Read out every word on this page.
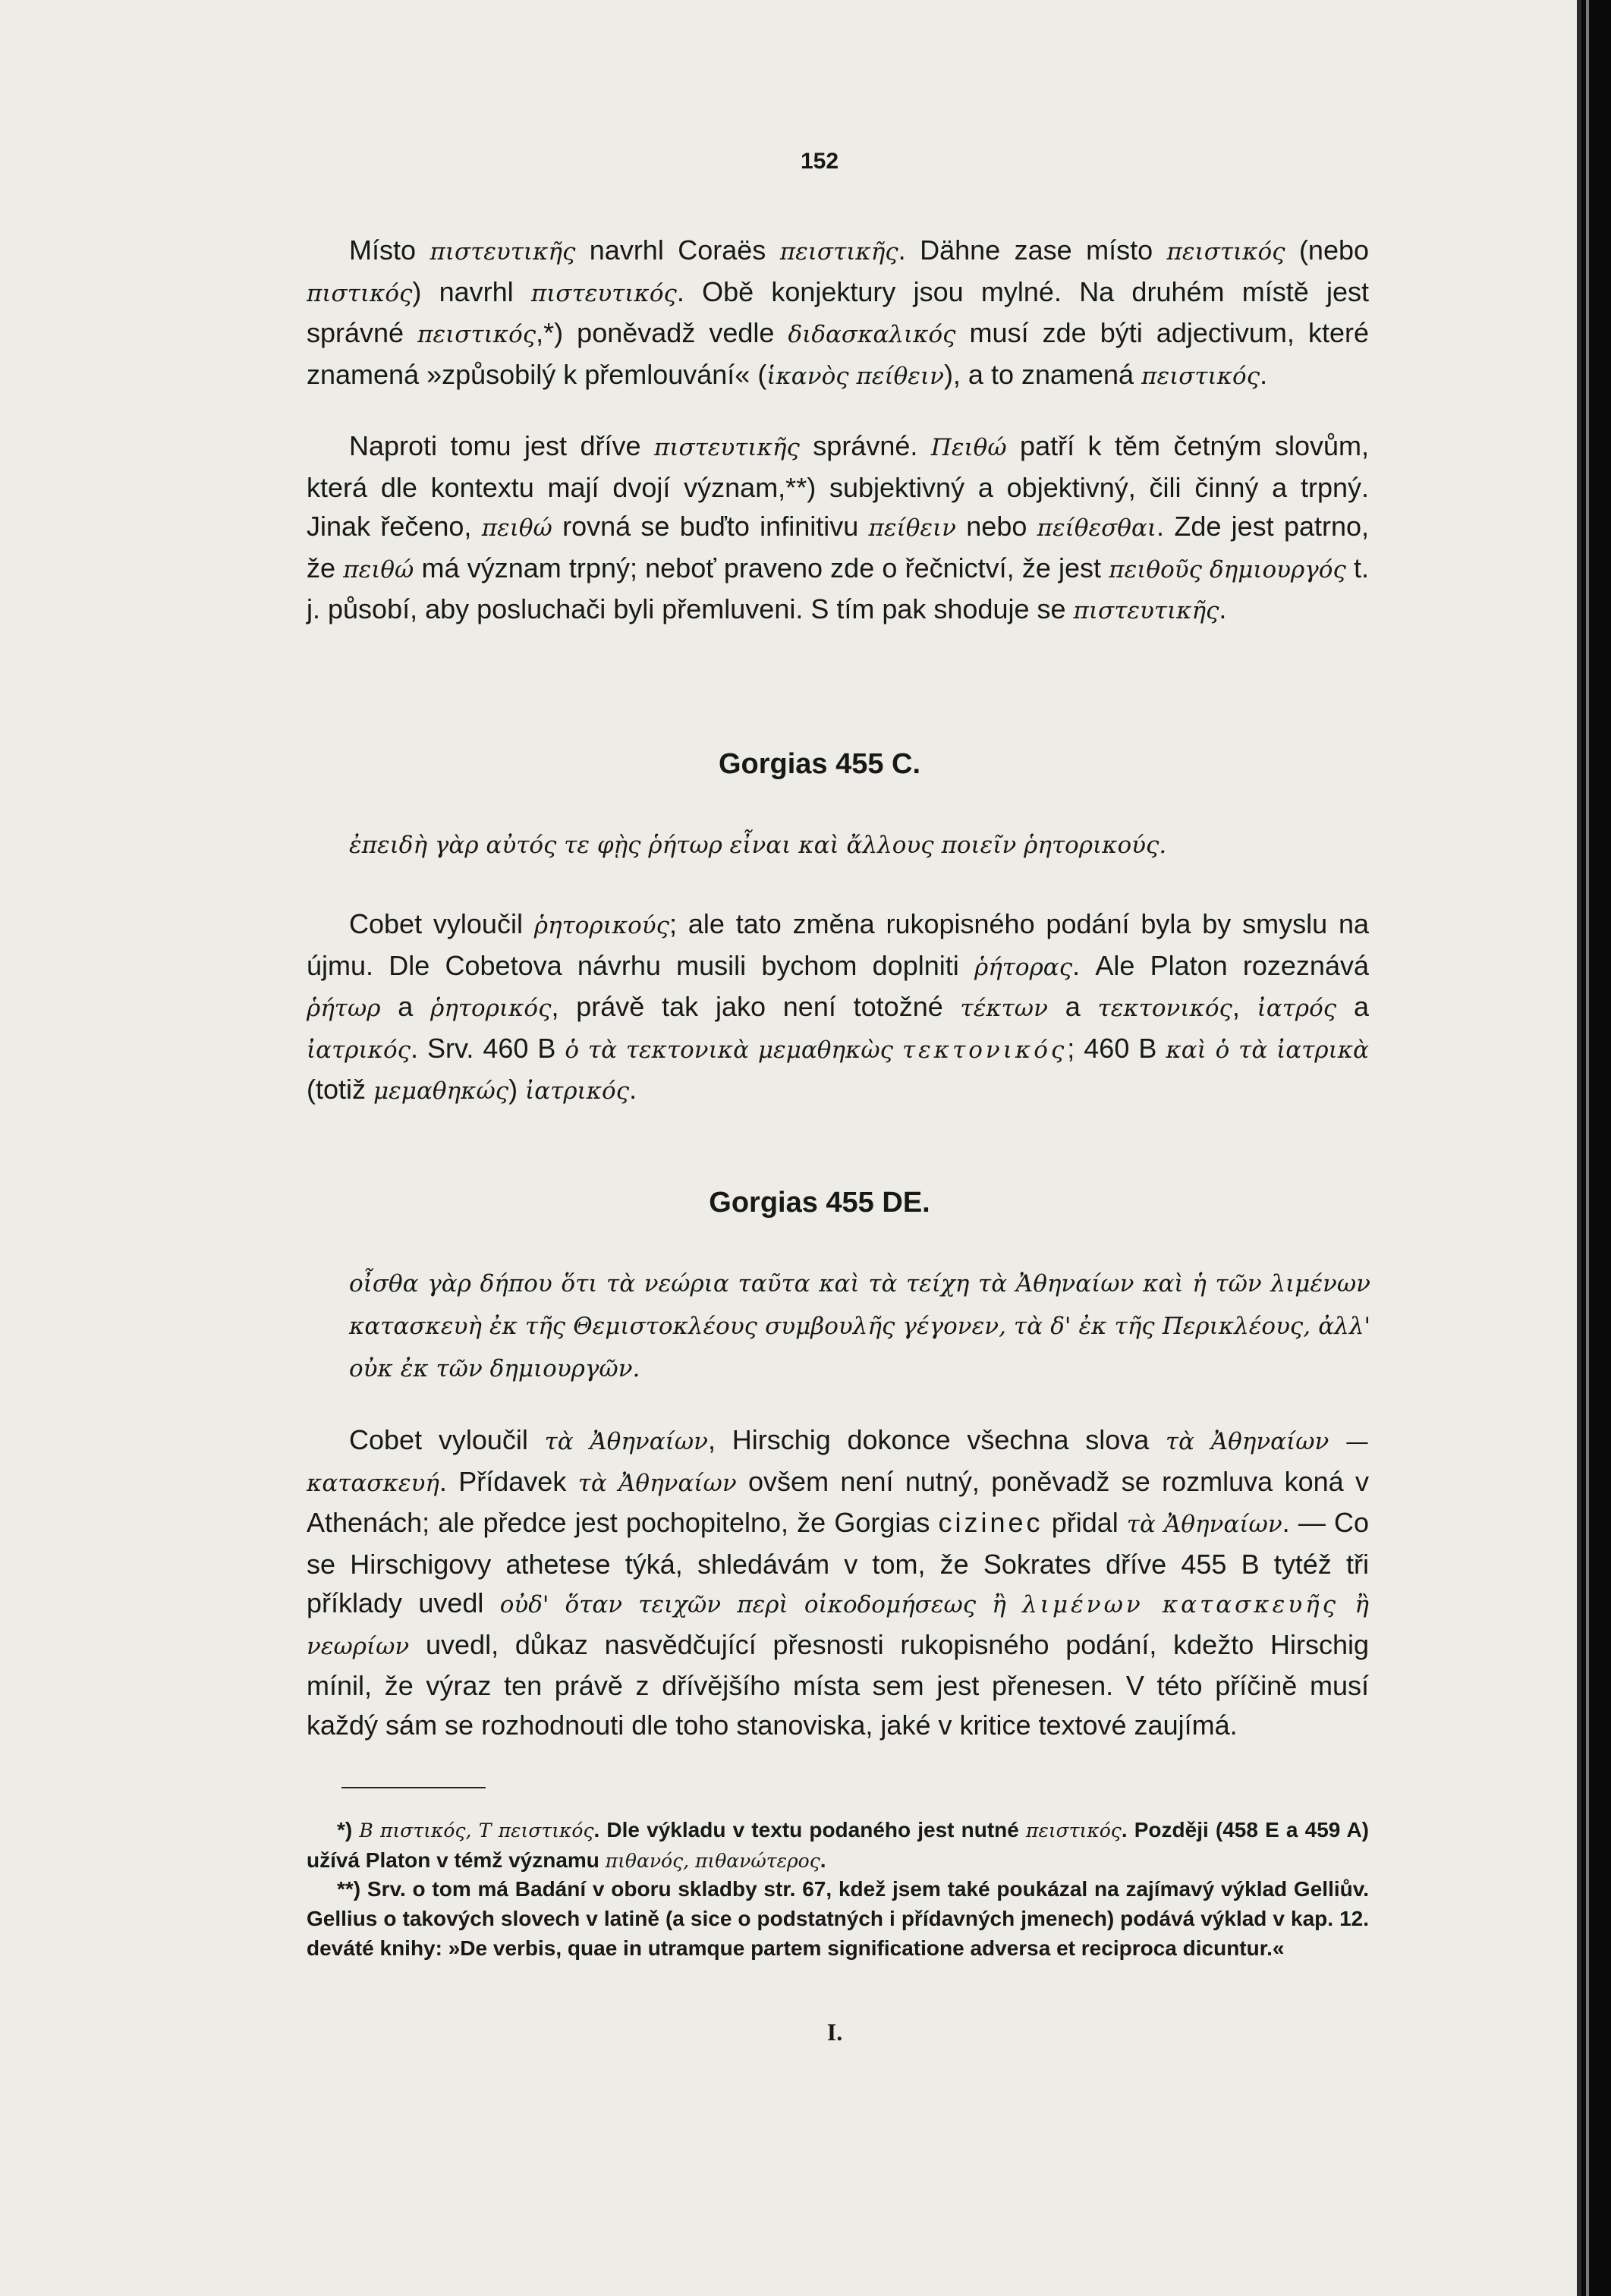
152

Místo πιστευτικῆς navrhl Coraës πειστικῆς. Dähne zase místo πειστικός (nebo πιστικός) navrhl πιστευτικός. Obě konjektury jsou mylné. Na druhém místě jest správné πειστικός,*) poněvadž vedle διδασκαλικός musí zde býti adjectivum, které znamená »způsobilý k přemlouvání« (ἱκανὸς πείθειν), a to znamená πειστικός.

Naproti tomu jest dříve πιστευτικῆς správné. Πειθώ patří k těm četným slovům, která dle kontextu mají dvojí význam,**) subjektivný a objektivný, čili činný a trpný. Jinak řečeno, πειθώ rovná se buďto infinitivu πείθειν nebo πείθεσθαι. Zde jest patrno, že πειθώ má význam trpný; neboť praveno zde o řečnictví, že jest πειθοῦς δημιουργός t. j. působí, aby posluchači byli přemluveni. S tím pak shoduje se πιστευτικῆς.

Gorgias 455 C.

ἐπειδὴ γὰρ αὐτός τε φῂς ῥήτωρ εἶναι καὶ ἄλλους ποιεῖν ῥητορικούς.

Cobet vyloučil ῥητορικούς; ale tato změna rukopisného podání byla by smyslu na újmu. Dle Cobetova návrhu musili bychom doplniti ῥήτορας. Ale Platon rozeznává ῥήτωρ a ῥητορικός, právě tak jako není totožné τέκτων a τεκτονικός, ἰατρός a ἰατρικός. Srv. 460 B ὁ τὰ τεκτονικὰ μεμαθηκὼς τεκτονικός; 460 B καὶ ὁ τὰ ἰατρικὰ (totiž μεμαθηκώς) ἰατρικός.

Gorgias 455 DE.

οἶσθα γὰρ δήπου ὅτι τὰ νεώρια ταῦτα καὶ τὰ τείχη τὰ Ἀθηναίων καὶ ἡ τῶν λιμένων κατασκευὴ ἐκ τῆς Θεμιστοκλέους συμβουλῆς γέγονεν, τὰ δ' ἐκ τῆς Περικλέους, ἀλλ' οὐκ ἐκ τῶν δημιουργῶν.

Cobet vyloučil τὰ Ἀθηναίων, Hirschig dokonce všechna slova τὰ Ἀθηναίων — κατασκευή. Přídavek τὰ Ἀθηναίων ovšem není nutný, poněvadž se rozmluva koná v Athenách; ale předce jest pochopitelno, že Gorgias cizinec přidal τὰ Ἀθηναίων. — Co se Hirschigovy athetese týká, shledávám v tom, že Sokrates dříve 455 B tytéž tři příklady uvedl οὐδ' ὅταν τειχῶν περὶ οἰκοδομήσεως ἢ λιμένων κατασκευῆς ἢ νεωρίων uvedl, důkaz nasvědčující přesnosti rukopisného podání, kdežto Hirschig mínil, že výraz ten právě z dřívějšího místa sem jest přenesen. V této příčině musí každý sám se rozhodnouti dle toho stanoviska, jaké v kritice textové zaujímá.

*) B πιστικός, T πειστικός. Dle výkladu v textu podaného jest nutné πειστικός. Později (458 E a 459 A) užívá Platon v témž významu πιθανός, πιθανώτερος.

**) Srv. o tom má Badání v oboru skladby str. 67, kdež jsem také poukázal na zajímavý výklad Gelliův. Gellius o takových slovech v latině (a sice o podstatných i přídavných jmenech) podává výklad v kap. 12. deváté knihy: »De verbis, quae in utramque partem significatione adversa et reciproca dicuntur.«

I.
